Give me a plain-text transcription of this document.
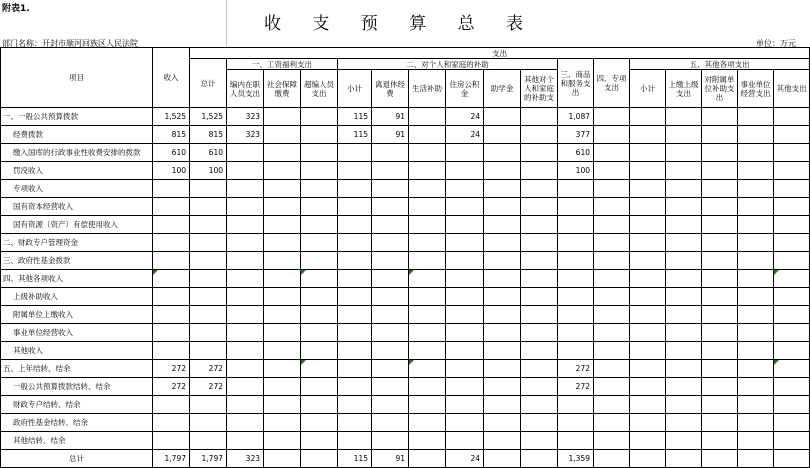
附表1.
收 支 预 算 总 表
部门名称：开封市顺河回族区人民法院	单位：万元
项目	收入	支出																
		总计	一、工资福利支出			二、对个人和家庭的补助						三、商品和服务支出	四、专项支出	五、其他各项支出				
			编内在职人员支出	社会保障缴费	超编人员支出	小计	离退休经费	生活补助	住房公积金	助学金	其他对个人和家庭的补助支			小计	上缴上级支出	对附属单位补助支出	事业单位经营支出	其他支出
一、一般公共预算拨款	1,525	1,525	323			115	91		24			1,087						
经费拨款	815	815	323			115	91		24			377						
缴入国库的行政事业性收费安排的拨款	610	610										610						
罚没收入	100	100										100						
专项收入																		
国有资本经营收入																		
国有资源（资产）有偿使用收入																		
二、财政专户管理资金																		
三、政府性基金拨款																		
四、其他各项收入																		
上级补助收入																		
附属单位上缴收入																		
事业单位经营收入																		
其他收入																		
五、上年结转、结余	272	272										272						
一般公共预算拨款结转、结余	272	272										272						
财政专户结转、结余																		
政府性基金结转、结余																		
其他结转、结余																		
总计	1,797	1,797	323			115	91		24			1,359						
